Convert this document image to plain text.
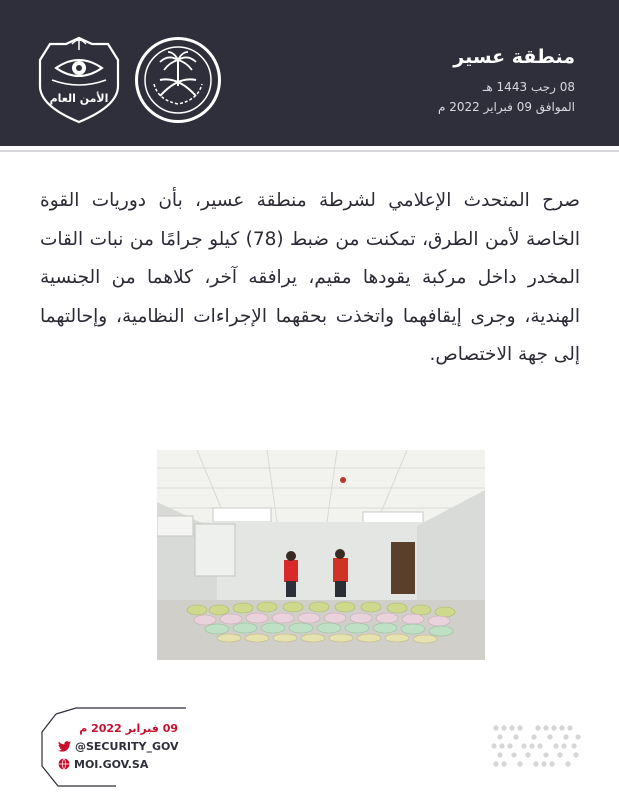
منطقة عسير
08 رجب 1443 هـ
الموافق 09 فبراير 2022 م
الأمن العام
صرح المتحدث الإعلامي لشرطة منطقة عسير، بأن دوريات القوة الخاصة لأمن الطرق، تمكنت من ضبط (78) كيلو جرامًا من نبات القات المخدر داخل مركبة يقودها مقيم، يرافقه آخر، كلاهما من الجنسية الهندية، وجرى إيقافهما واتخذت بحقهما الإجراءات النظامية، وإحالتهما إلى جهة الاختصاص.
09 فبراير 2022 م
@SECURITY_GOV
MOI.GOV.SA
